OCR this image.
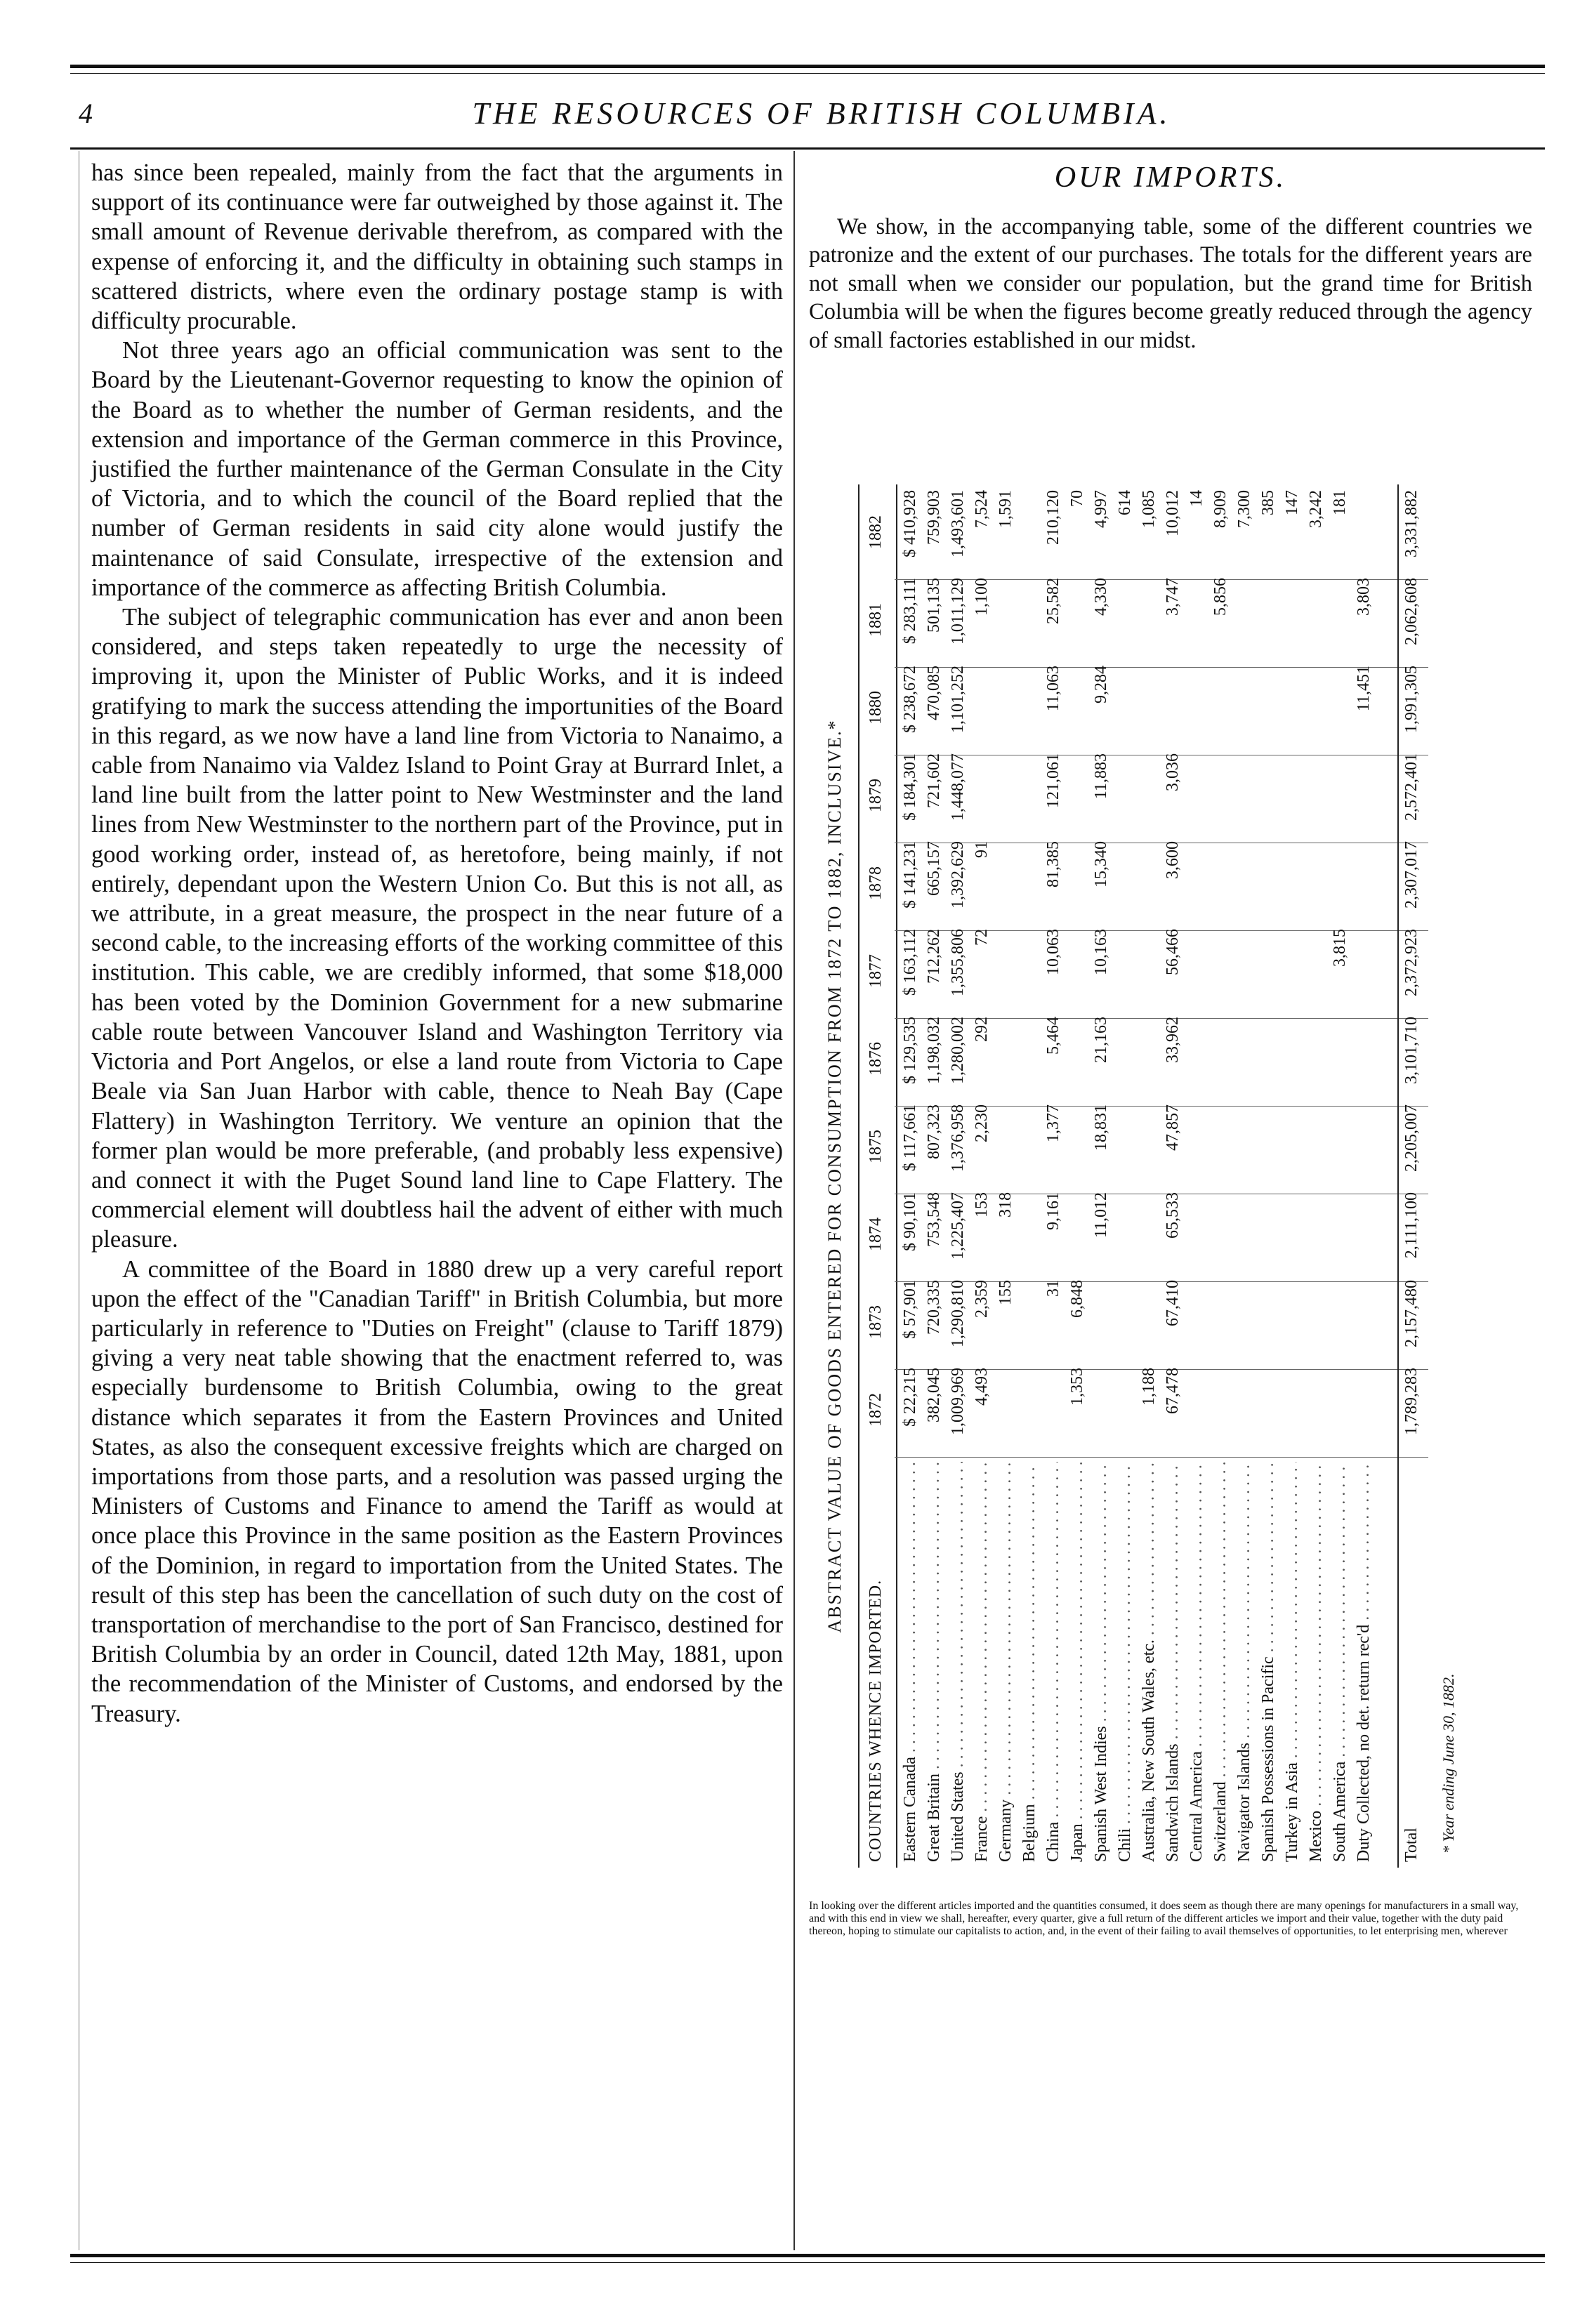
4	THE RESOURCES OF BRITISH COLUMBIA.

has since been repealed, mainly from the fact that the arguments in support of its continuance were far outweighed by those against it. The small amount of Revenue derivable therefrom, as compared with the expense of enforcing it, and the difficulty in obtaining such stamps in scattered districts, where even the ordinary postage stamp is with difficulty procurable.

Not three years ago an official communication was sent to the Board by the Lieutenant-Governor requesting to know the opinion of the Board as to whether the number of German residents, and the extension and importance of the German commerce in this Province, justified the further maintenance of the German Consulate in the City of Victoria, and to which the council of the Board replied that the number of German residents in said city alone would justify the maintenance of said Consulate, irrespective of the extension and importance of the commerce as affecting British Columbia.

The subject of telegraphic communication has ever and anon been considered, and steps taken repeatedly to urge the necessity of improving it, upon the Minister of Public Works, and it is indeed gratifying to mark the success attending the importunities of the Board in this regard, as we now have a land line from Victoria to Nanaimo, a cable from Nanaimo via Valdez Island to Point Gray at Burrard Inlet, a land line built from the latter point to New Westminster and the land lines from New Westminster to the northern part of the Province, put in good working order, instead of, as heretofore, being mainly, if not entirely, dependant upon the Western Union Co. But this is not all, as we attribute, in a great measure, the prospect in the near future of a second cable, to the increasing efforts of the working committee of this institution. This cable, we are credibly informed, that some $18,000 has been voted by the Dominion Government for a new submarine cable route between Vancouver Island and Washington Territory via Victoria and Port Angelos, or else a land route from Victoria to Cape Beale via San Juan Harbor with cable, thence to Neah Bay (Cape Flattery) in Washington Territory. We venture an opinion that the former plan would be more preferable, (and probably less expensive) and connect it with the Puget Sound land line to Cape Flattery. The commercial element will doubtless hail the advent of either with much pleasure.

A committee of the Board in 1880 drew up a very careful report upon the effect of the "Canadian Tariff" in British Columbia, but more particularly in reference to "Duties on Freight" (clause to Tariff 1879) giving a very neat table showing that the enactment referred to, was especially burdensome to British Columbia, owing to the great distance which separates it from the Eastern Provinces and United States, as also the consequent excessive freights which are charged on importations from those parts, and a resolution was passed urging the Ministers of Customs and Finance to amend the Tariff as would at once place this Province in the same position as the Eastern Provinces of the Dominion, in regard to importation from the United States. The result of this step has been the cancellation of such duty on the cost of transportation of merchandise to the port of San Francisco, destined for British Columbia by an order in Council, dated 12th May, 1881, upon the recommendation of the Minister of Customs, and endorsed by the Treasury.

OUR IMPORTS.

We show, in the accompanying table, some of the different countries we patronize and the extent of our purchases. The totals for the different years are not small when we consider our population, but the grand time for British Columbia will be when the figures become greatly reduced through the agency of small factories established in our midst.

ABSTRACT VALUE OF GOODS ENTERED FOR CONSUMPTION FROM 1872 TO 1882, INCLUSIVE.*
COUNTRIES WHENCE IMPORTED.
1872
1873
1874
1875
1876
1877
1878
1879
1880
1881
1882
Eastern Canada . . .
$ 22,215
$ 57,901
$ 90,101
$ 117,661
$ 129,535
$ 163,112
$ 141,231
$ 184,301
$ 238,672
$ 283,111
$ 410,928
Great Britain . . .
382,045
720,335
753,548
807,323
1,198,032
712,262
665,157
721,602
470,085
501,135
759,903
United States . . .
1,009,969
1,290,810
1,225,407
1,376,958
1,280,002
1,355,806
1,392,629
1,448,077
1,101,252
1,011,129
1,493,601
France . . .
4,493
2,359
153
2,230
292
72
91
1,100
7,524
Germany . . .
155
318
1,591
Belgium . . . China . . .
31
9,161
1,377
5,464
10,063
81,385
121,061
11,063
25,582
210,120
Japan . . .
1,353
6,848
70
Spanish West Indies . . .
11,012
18,831
21,163
10,163
15,340
11,883
9,284
4,330
4,997
Chili . . .
614
Australia, New South Wales, etc. . . .
1,188
1,085
Sandwich Islands . . .
67,478
67,410
65,533
47,857
33,962
56,466
3,600
3,036
3,747
10,012
Central America . . .
14
Switzerland . . .
5,856
8,909
Navigator Islands . . .
7,300
Spanish Possessions in Pacific . . .
385
Turkey in Asia . . .
147
Mexico . . .
3,242
South America . . .
3,815
181
Duty Collected, no det. return rec'd . . .
11,451
3,803
Total
1,789,283
2,157,480
2,111,100
2,205,007
3,101,710
2,372,923
2,307,017
2,572,401
1,991,305
2,062,608
3,331,882
* Year ending June 30, 1882.

In looking over the different articles imported and the quantities consumed, it does seem as though there are many openings for manufacturers in a small way, and with this end in view we shall, hereafter, every quarter, give a full return of the different articles we import and their value, together with the duty paid thereon, hoping to stimulate our capitalists to action, and, in the event of their failing to avail themselves of opportunities, to let enterprising men, wherever
